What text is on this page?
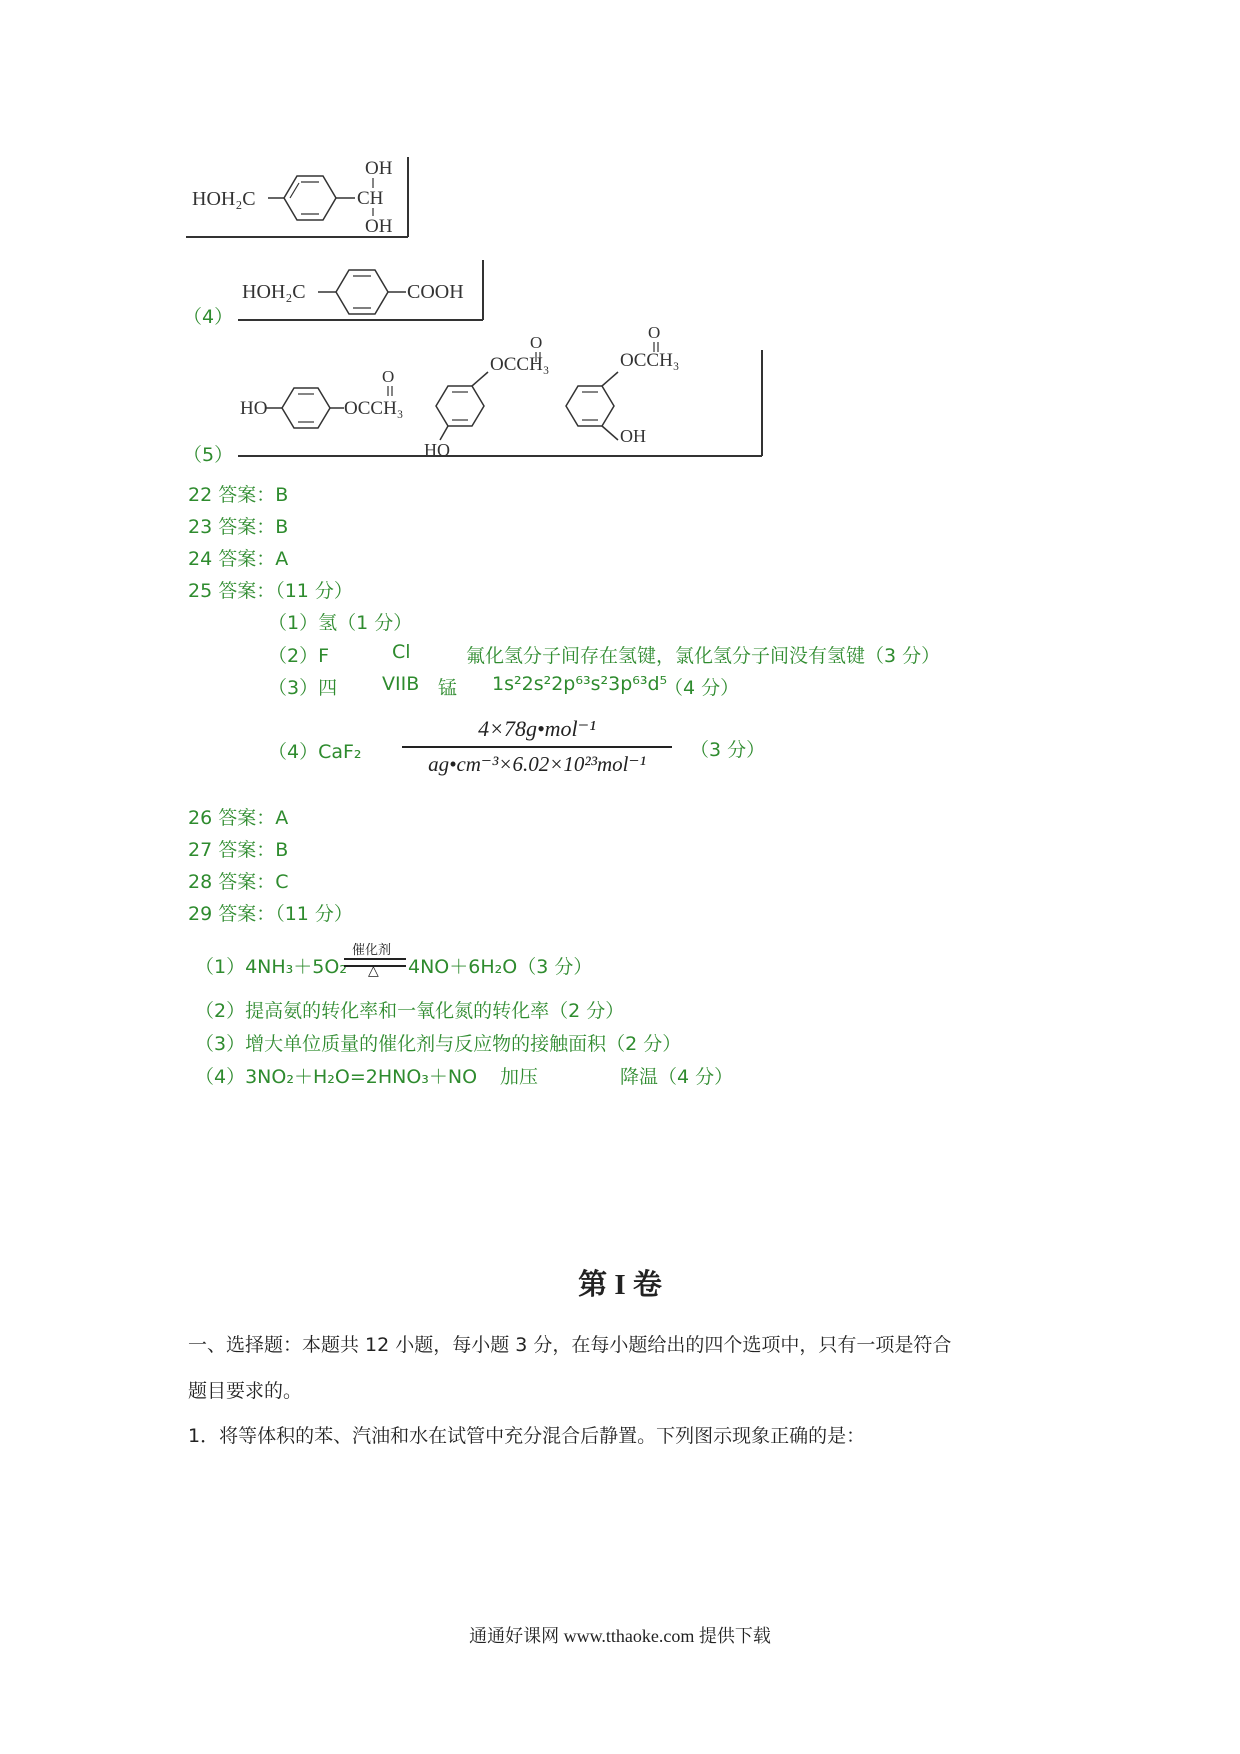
HOH₂C
OH
CH
OH
（4）
HOH₂C	COOH
（5）
HO
O
OCCH₃
O
OCCH₃
HO
O
OCCH₃
OH
22 答案：B
23 答案：B
24 答案：A
25 答案：（11 分）
（1）氢（1 分）
（2）F	Cl	氟化氢分子间存在氢键，氯化氢分子间没有氢键（3 分）
（3）四 VIIB 锰 1s²2s²2p⁶³s²3p⁶³d⁵
（4 分）
（4）CaF₂
4×78g•mol⁻¹
ag•cm⁻³×6.02×10²³mol⁻¹
（3 分）
26 答案：A
27 答案：B
28 答案：C
29 答案：（11 分）
（1）4NH₃＋5O₂
催化剂
△ 4NO＋6H₂O（3 分）
（2）提高氨的转化率和一氧化氮的转化率（2 分）
（3）增大单位质量的催化剂与反应物的接触面积（2 分）
（4）3NO₂＋H₂O=2HNO₃＋NO 加压	降温（4 分）
第 I 卷
一、选择题：本题共 12 小题，每小题 3 分，在每小题给出的四个选项中，只有一项是符合
题目要求的。
1．将等体积的苯、汽油和水在试管中充分混合后静置。下列图示现象正确的是：
通通好课网 www.tthaoke.com 提供下载
